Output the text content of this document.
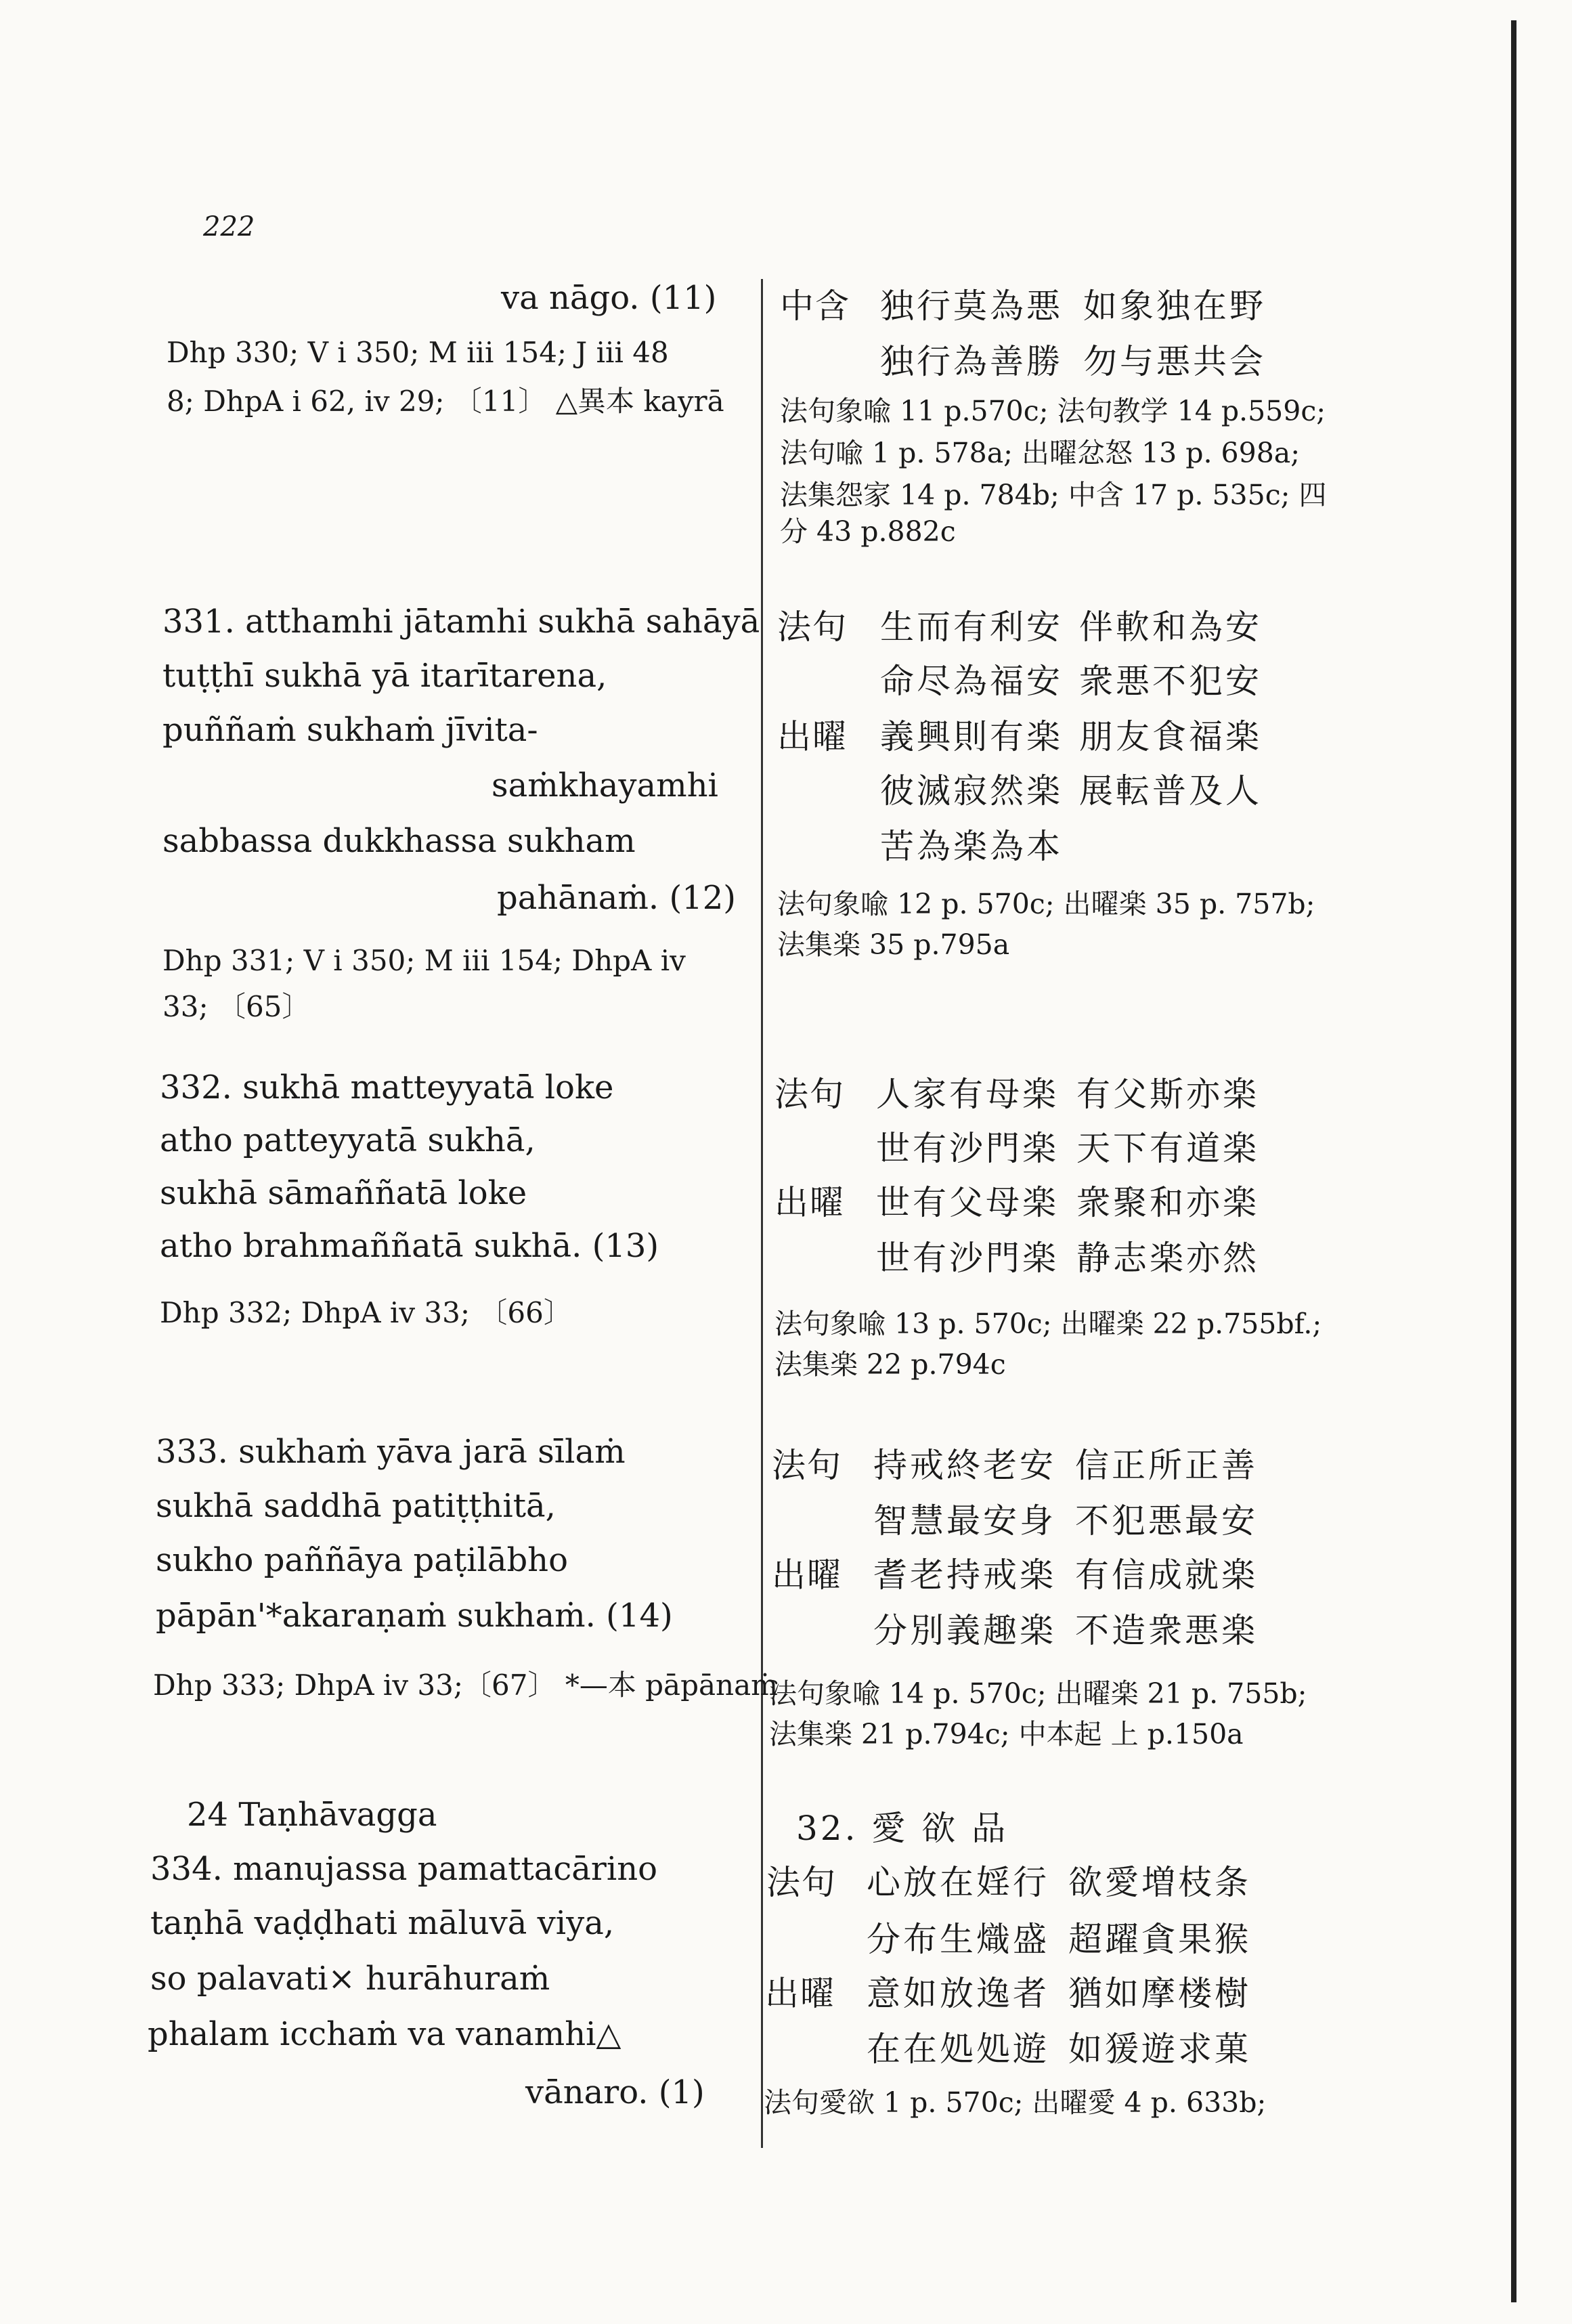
222
va nāgo. (11)
Dhp 330; V i 350; M iii 154; J iii 48
8; DhpA i 62, iv 29; 〔11〕 △異本 kayrā
中含 独行莫為悪 如象独在野
独行為善勝 勿与悪共会
法句象喩 11 p.570c; 法句教学 14 p.559c;
法句喩 1 p. 578a; 出曜忿怒 13 p. 698a;
法集怨家 14 p. 784b; 中含 17 p. 535c; 四
分 43 p.882c
331. atthamhi jātamhi sukhā sahāyā
tuṭṭhī sukhā yā itarītarena,
puññaṁ sukhaṁ jīvita-
saṁkhayamhi
sabbassa dukkhassa sukham
pahānaṁ. (12)
Dhp 331; V i 350; M iii 154; DhpA iv
33; 〔65〕
法句 生而有利安 伴軟和為安
命尽為福安 衆悪不犯安
出曜 義興則有楽 朋友食福楽
彼滅寂然楽 展転普及人
苦為楽為本
法句象喩 12 p. 570c; 出曜楽 35 p. 757b;
法集楽 35 p.795a
332. sukhā matteyyatā loke
atho patteyyatā sukhā,
sukhā sāmaññatā loke
atho brahmaññatā sukhā. (13)
Dhp 332; DhpA iv 33; 〔66〕
法句 人家有母楽 有父斯亦楽
世有沙門楽 天下有道楽
出曜 世有父母楽 衆聚和亦楽
世有沙門楽 静志楽亦然
法句象喩 13 p. 570c; 出曜楽 22 p.755bf.;
法集楽 22 p.794c
333. sukhaṁ yāva jarā sīlaṁ
sukhā saddhā patiṭṭhitā,
sukho paññāya paṭilābho
pāpān'*akaraṇaṁ sukhaṁ. (14)
Dhp 333; DhpA iv 33;〔67〕 *—本 pāpānaṁ
法句 持戒終老安 信正所正善
智慧最安身 不犯悪最安
出曜 耆老持戒楽 有信成就楽
分別義趣楽 不造衆悪楽
法句象喩 14 p. 570c; 出曜楽 21 p. 755b;
法集楽 21 p.794c; 中本起 上 p.150a
24 Taṇhāvagga
334. manujassa pamattacārino
taṇhā vaḍḍhati māluvā viya,
so palavati× hurāhuraṁ
phalam icchaṁ va vanamhi△
vānaro. (1)
32. 愛 欲 品
法句 心放在婬行 欲愛増枝条
分布生熾盛 超躍貪果猴
出曜 意如放逸者 猶如摩楼樹
在在処処遊 如猨遊求菓
法句愛欲 1 p. 570c; 出曜愛 4 p. 633b;
